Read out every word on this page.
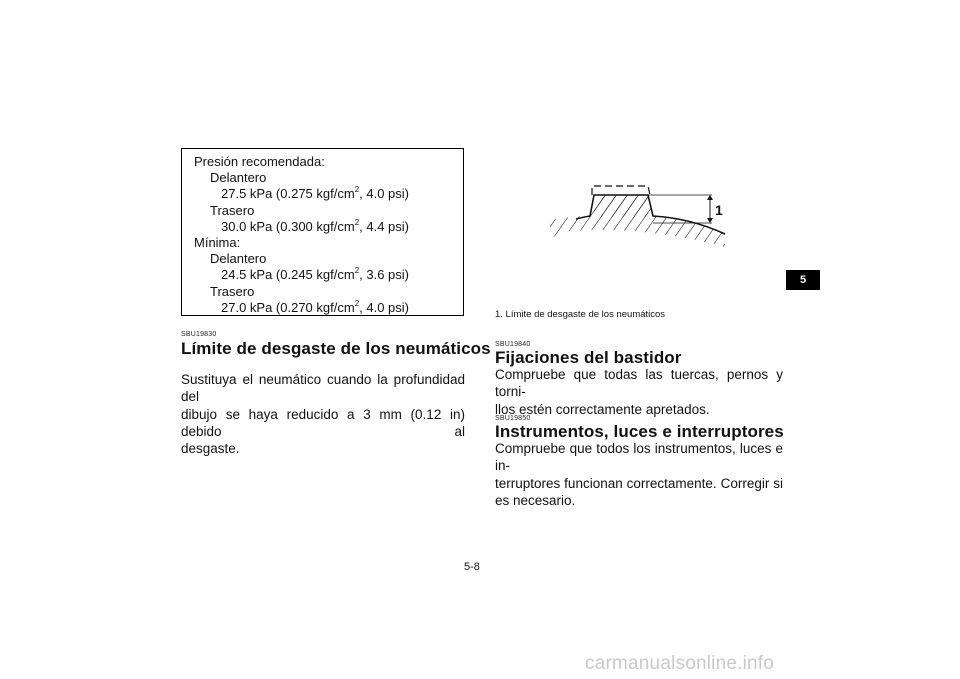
Presión recomendada:
Delantero
27.5 kPa (0.275 kgf/$cm^2$, 4.0 psi)
Trasero
30.0 kPa (0.300 kgf/$cm^2$, 4.4 psi)
Mínima:
Delantero
24.5 kPa (0.245 kgf/$cm^2$, 3.6 psi)
Trasero
27.0 kPa (0.270 kgf/$cm^2$, 4.0 psi)
SBU19830
Límite de desgaste de los neumáticos
Sustituya el neumático cuando la profundidad del
dibujo se haya reducido a 3 mm (0.12 in) debido al
desgaste.
1
1. Límite de desgaste de los neumáticos
SBU19840
Fijaciones del bastidor
Compruebe que todas las tuercas, pernos y torni-
llos estén correctamente apretados.
SBU19850
Instrumentos, luces e interruptores
Compruebe que todos los instrumentos, luces e in-
terruptores funcionan correctamente. Corregir si
es necesario.
5
5-8
carmanualsonline.info
